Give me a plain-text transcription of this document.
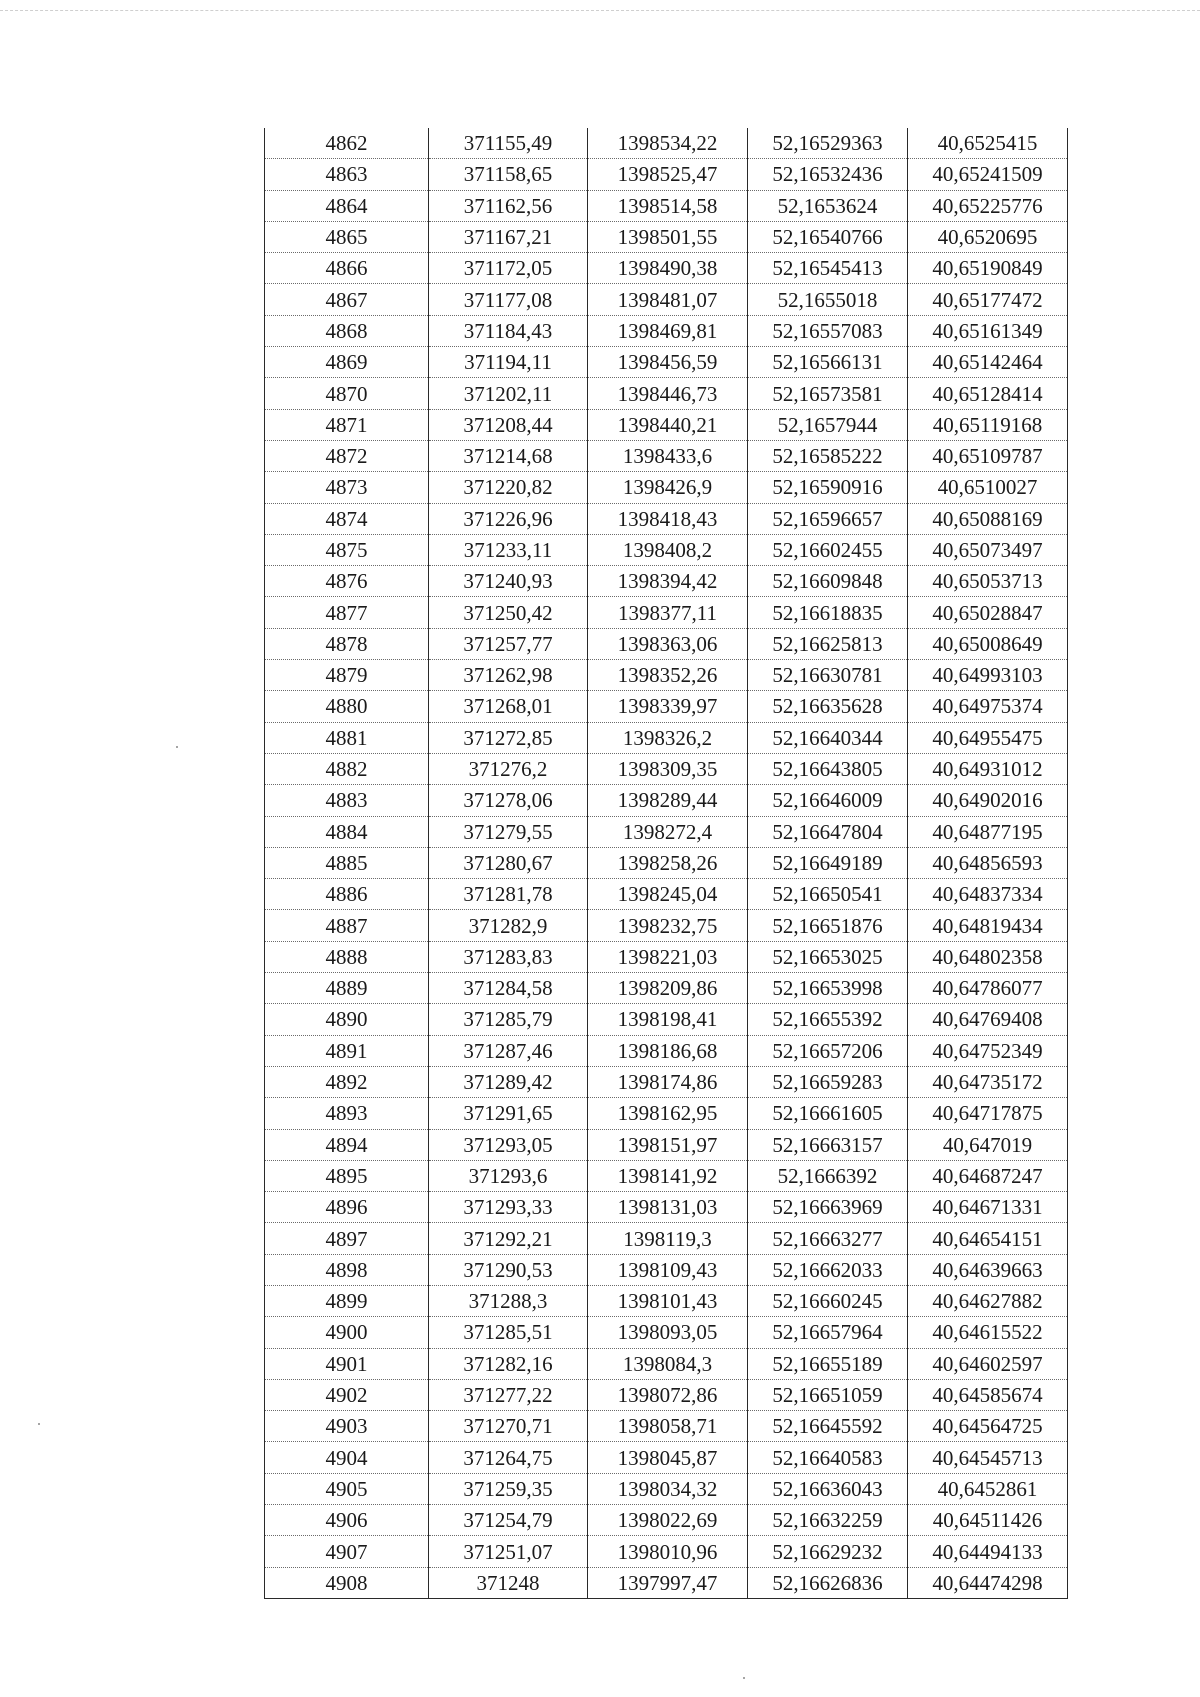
4862	371155,49	1398534,22	52,16529363	40,6525415
4863	371158,65	1398525,47	52,16532436	40,65241509
4864	371162,56	1398514,58	52,1653624	40,65225776
4865	371167,21	1398501,55	52,16540766	40,6520695
4866	371172,05	1398490,38	52,16545413	40,65190849
4867	371177,08	1398481,07	52,1655018	40,65177472
4868	371184,43	1398469,81	52,16557083	40,65161349
4869	371194,11	1398456,59	52,16566131	40,65142464
4870	371202,11	1398446,73	52,16573581	40,65128414
4871	371208,44	1398440,21	52,1657944	40,65119168
4872	371214,68	1398433,6	52,16585222	40,65109787
4873	371220,82	1398426,9	52,16590916	40,6510027
4874	371226,96	1398418,43	52,16596657	40,65088169
4875	371233,11	1398408,2	52,16602455	40,65073497
4876	371240,93	1398394,42	52,16609848	40,65053713
4877	371250,42	1398377,11	52,16618835	40,65028847
4878	371257,77	1398363,06	52,16625813	40,65008649
4879	371262,98	1398352,26	52,16630781	40,64993103
4880	371268,01	1398339,97	52,16635628	40,64975374
4881	371272,85	1398326,2	52,16640344	40,64955475
4882	371276,2	1398309,35	52,16643805	40,64931012
4883	371278,06	1398289,44	52,16646009	40,64902016
4884	371279,55	1398272,4	52,16647804	40,64877195
4885	371280,67	1398258,26	52,16649189	40,64856593
4886	371281,78	1398245,04	52,16650541	40,64837334
4887	371282,9	1398232,75	52,16651876	40,64819434
4888	371283,83	1398221,03	52,16653025	40,64802358
4889	371284,58	1398209,86	52,16653998	40,64786077
4890	371285,79	1398198,41	52,16655392	40,64769408
4891	371287,46	1398186,68	52,16657206	40,64752349
4892	371289,42	1398174,86	52,16659283	40,64735172
4893	371291,65	1398162,95	52,16661605	40,64717875
4894	371293,05	1398151,97	52,16663157	40,647019
4895	371293,6	1398141,92	52,1666392	40,64687247
4896	371293,33	1398131,03	52,16663969	40,64671331
4897	371292,21	1398119,3	52,16663277	40,64654151
4898	371290,53	1398109,43	52,16662033	40,64639663
4899	371288,3	1398101,43	52,16660245	40,64627882
4900	371285,51	1398093,05	52,16657964	40,64615522
4901	371282,16	1398084,3	52,16655189	40,64602597
4902	371277,22	1398072,86	52,16651059	40,64585674
4903	371270,71	1398058,71	52,16645592	40,64564725
4904	371264,75	1398045,87	52,16640583	40,64545713
4905	371259,35	1398034,32	52,16636043	40,6452861
4906	371254,79	1398022,69	52,16632259	40,64511426
4907	371251,07	1398010,96	52,16629232	40,64494133
4908	371248	1397997,47	52,16626836	40,64474298
